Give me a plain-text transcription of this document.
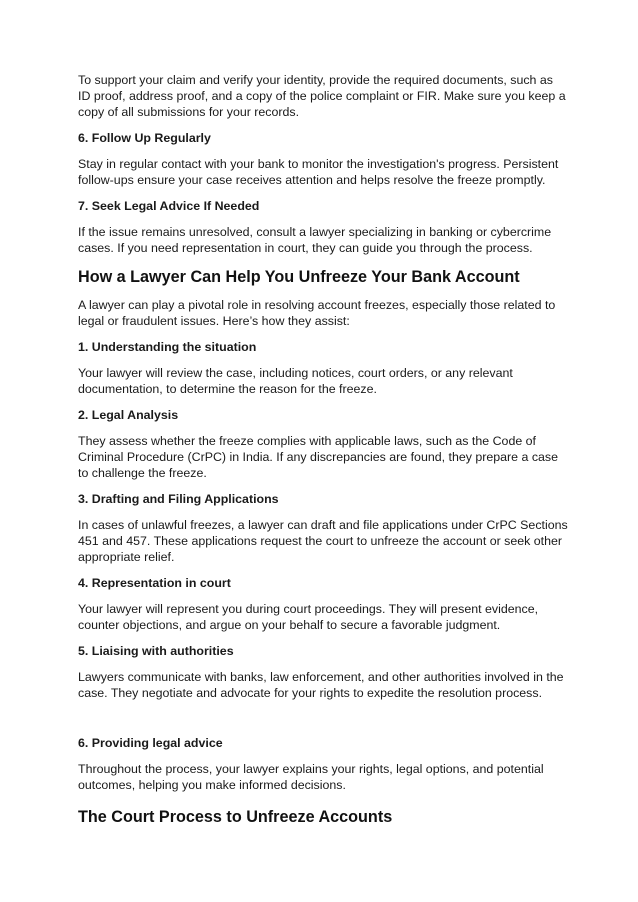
To support your claim and verify your identity, provide the required documents, such as ID proof, address proof, and a copy of the police complaint or FIR. Make sure you keep a copy of all submissions for your records.

6. Follow Up Regularly

Stay in regular contact with your bank to monitor the investigation's progress. Persistent follow-ups ensure your case receives attention and helps resolve the freeze promptly.

7. Seek Legal Advice If Needed

If the issue remains unresolved, consult a lawyer specializing in banking or cybercrime cases. If you need representation in court, they can guide you through the process.

How a Lawyer Can Help You Unfreeze Your Bank Account

A lawyer can play a pivotal role in resolving account freezes, especially those related to legal or fraudulent issues. Here’s how they assist:

1. Understanding the situation

Your lawyer will review the case, including notices, court orders, or any relevant documentation, to determine the reason for the freeze.

2. Legal Analysis

They assess whether the freeze complies with applicable laws, such as the Code of Criminal Procedure (CrPC) in India. If any discrepancies are found, they prepare a case to challenge the freeze.

3. Drafting and Filing Applications

In cases of unlawful freezes, a lawyer can draft and file applications under CrPC Sections 451 and 457. These applications request the court to unfreeze the account or seek other appropriate relief.

4. Representation in court

Your lawyer will represent you during court proceedings. They will present evidence, counter objections, and argue on your behalf to secure a favorable judgment.

5. Liaising with authorities

Lawyers communicate with banks, law enforcement, and other authorities involved in the case. They negotiate and advocate for your rights to expedite the resolution process.

6. Providing legal advice

Throughout the process, your lawyer explains your rights, legal options, and potential outcomes, helping you make informed decisions.

The Court Process to Unfreeze Accounts
